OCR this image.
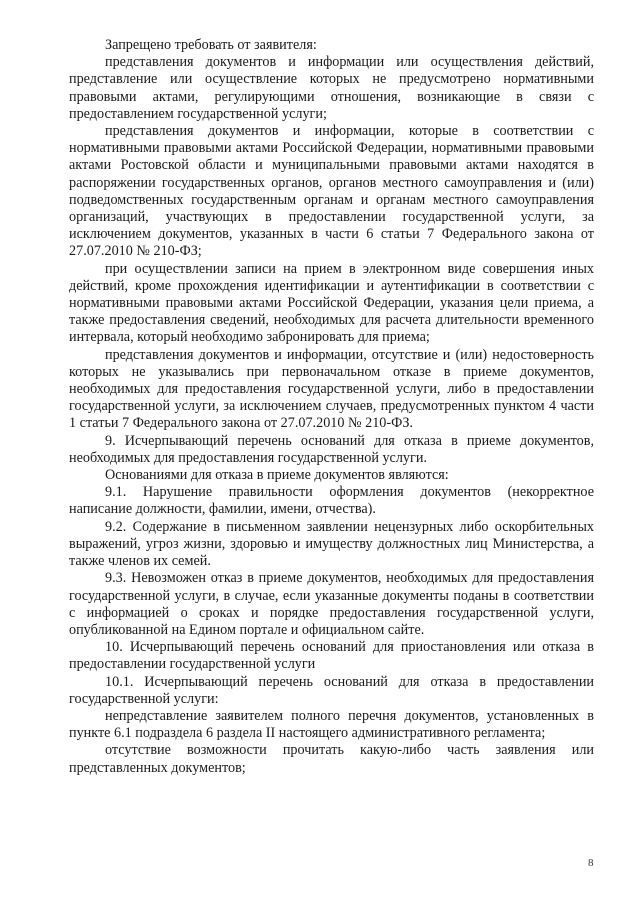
Запрещено требовать от заявителя:

представления документов и информации или осуществления действий, представление или осуществление которых не предусмотрено нормативными правовыми актами, регулирующими отношения, возникающие в связи с предоставлением государственной услуги;

представления документов и информации, которые в соответствии с нормативными правовыми актами Российской Федерации, нормативными правовыми актами Ростовской области и муниципальными правовыми актами находятся в распоряжении государственных органов, органов местного самоуправления и (или) подведомственных государственным органам и органам местного самоуправления организаций, участвующих в предоставлении государственной услуги, за исключением документов, указанных в части 6 статьи 7 Федерального закона от 27.07.2010 № 210-ФЗ;

при осуществлении записи на прием в электронном виде совершения иных действий, кроме прохождения идентификации и аутентификации в соответствии с нормативными правовыми актами Российской Федерации, указания цели приема, а также предоставления сведений, необходимых для расчета длительности временного интервала, который необходимо забронировать для приема;

представления документов и информации, отсутствие и (или) недостоверность которых не указывались при первоначальном отказе в приеме документов, необходимых для предоставления государственной услуги, либо в предоставлении государственной услуги, за исключением случаев, предусмотренных пунктом 4 части 1 статьи 7 Федерального закона от 27.07.2010 № 210-ФЗ.

9. Исчерпывающий перечень оснований для отказа в приеме документов, необходимых для предоставления государственной услуги.

Основаниями для отказа в приеме документов являются:

9.1. Нарушение правильности оформления документов (некорректное написание должности, фамилии, имени, отчества).

9.2. Содержание в письменном заявлении нецензурных либо оскорбительных выражений, угроз жизни, здоровью и имуществу должностных лиц Министерства, а также членов их семей.

9.3. Невозможен отказ в приеме документов, необходимых для предоставления государственной услуги, в случае, если указанные документы поданы в соответствии с информацией о сроках и порядке предоставления государственной услуги, опубликованной на Едином портале и официальном сайте.

10. Исчерпывающий перечень оснований для приостановления или отказа в предоставлении государственной услуги

10.1. Исчерпывающий перечень оснований для отказа в предоставлении государственной услуги:

непредставление заявителем полного перечня документов, установленных в пункте 6.1 подраздела 6 раздела II настоящего административного регламента;

отсутствие возможности прочитать какую-либо часть заявления или представленных документов;

8
